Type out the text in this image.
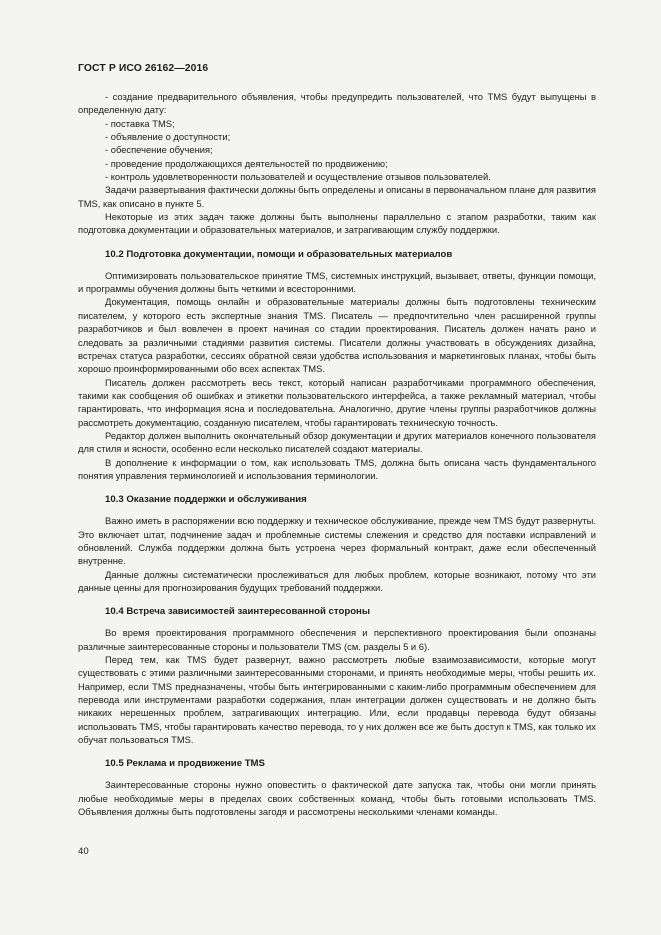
ГОСТ Р ИСО 26162—2016

- создание предварительного объявления, чтобы предупредить пользователей, что TMS будут выпущены в определенную дату:

- поставка TMS;

- объявление о доступности;

- обеспечение обучения;

- проведение продолжающихся деятельностей по продвижению;

- контроль удовлетворенности пользователей и осуществление отзывов пользователей.

Задачи развертывания фактически должны быть определены и описаны в первоначальном плане для развития TMS, как описано в пункте 5.

Некоторые из этих задач также должны быть выполнены параллельно с этапом разработки, таким как подготовка документации и образовательных материалов, и затрагивающим службу поддержки.

10.2 Подготовка документации, помощи и образовательных материалов

Оптимизировать пользовательское принятие TMS, системных инструкций, вызывает, ответы, функции помощи, и программы обучения должны быть четкими и всесторонними.

Документация, помощь онлайн и образовательные материалы должны быть подготовлены техническим писателем, у которого есть экспертные знания TMS. Писатель — предпочтительно член расширенной группы разработчиков и был вовлечен в проект начиная со стадии проектирования. Писатель должен начать рано и следовать за различными стадиями развития системы. Писатели должны участвовать в обсуждениях дизайна, встречах статуса разработки, сессиях обратной связи удобства использования и маркетинговых планах, чтобы быть хорошо проинформированными обо всех аспектах TMS.

Писатель должен рассмотреть весь текст, который написан разработчиками программного обеспечения, такими как сообщения об ошибках и этикетки пользовательского интерфейса, а также рекламный материал, чтобы гарантировать, что информация ясна и последовательна. Аналогично, другие члены группы разработчиков должны рассмотреть документацию, созданную писателем, чтобы гарантировать техническую точность.

Редактор должен выполнить окончательный обзор документации и других материалов конечного пользователя для стиля и ясности, особенно если несколько писателей создают материалы.

В дополнение к информации о том, как использовать TMS, должна быть описана часть фундаментального понятия управления терминологией и использования терминологии.

10.3 Оказание поддержки и обслуживания

Важно иметь в распоряжении всю поддержку и техническое обслуживание, прежде чем TMS будут развернуты. Это включает штат, подчинение задач и проблемные системы слежения и средство для поставки исправлений и обновлений. Служба поддержки должна быть устроена через формальный контракт, даже если обеспеченный внутренне.

Данные должны систематически прослеживаться для любых проблем, которые возникают, потому что эти данные ценны для прогнозирования будущих требований поддержки.

10.4 Встреча зависимостей заинтересованной стороны

Во время проектирования программного обеспечения и перспективного проектирования были опознаны различные заинтересованные стороны и пользователи TMS (см. разделы 5 и 6).

Перед тем, как TMS будет развернут, важно рассмотреть любые взаимозависимости, которые могут существовать с этими различными заинтересованными сторонами, и принять необходимые меры, чтобы решить их. Например, если TMS предназначены, чтобы быть интегрированными с каким-либо программным обеспечением для перевода или инструментами разработки содержания, план интеграции должен существовать и не должно быть никаких нерешенных проблем, затрагивающих интеграцию. Или, если продавцы перевода будут обязаны использовать TMS, чтобы гарантировать качество перевода, то у них должен все же быть доступ к TMS, как только их обучат пользоваться TMS.

10.5 Реклама и продвижение TMS

Заинтересованные стороны нужно оповестить о фактической дате запуска так, чтобы они могли принять любые необходимые меры в пределах своих собственных команд, чтобы быть готовыми использовать TMS. Объявления должны быть подготовлены загодя и рассмотрены несколькими членами команды.

40
